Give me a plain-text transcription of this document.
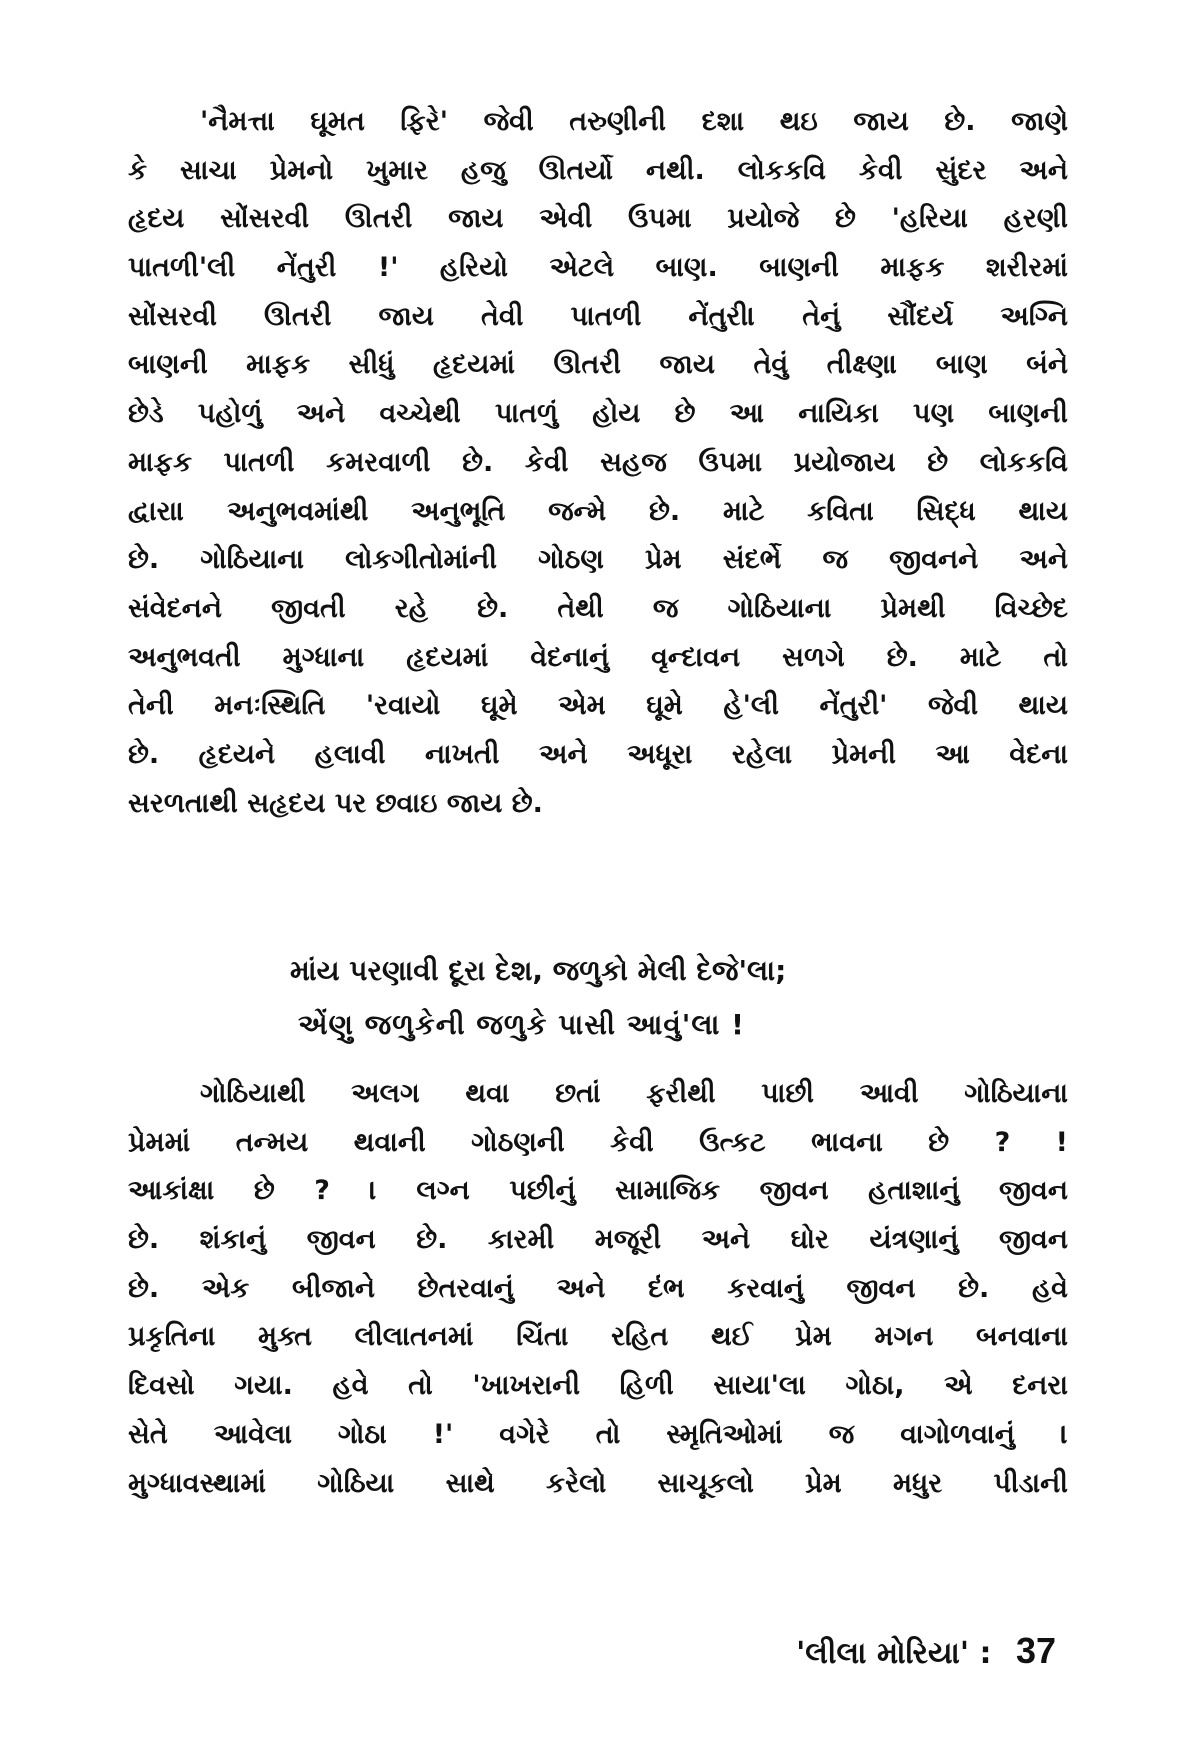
'નૈમત્તા ઘૂમત ફિરે' જેવી તરુણીની દશા થઇ જાય છે. જાણે
કે સાચા પ્રેમનો ખુમાર હજુ ઊતર્યો નથી. લોકકવિ કેવી સુંદર અને
હૃદય સોંસરવી ઊતરી જાય એવી ઉપમા પ્રયોજે છે 'હરિયા હરણી
પાતળી'લી નેંતુરી !' હરિયો એટલે બાણ. બાણની માફક શરીરમાં
સોંસરવી ઊતરી જાય તેવી પાતળી નેંતુરી। તેનું સૌંદર્ય અગ્નિ
બાણની માફક સીધું હૃદયમાં ઊતરી જાય તેવું તીક્ષ્ણ। બાણ બંને
છેડે પહોળું અને વચ્ચેથી પાતળું હોય છે આ નાયિકા પણ બાણની
માફક પાતળી કમરવાળી છે. કેવી સહજ ઉપમા પ્રયોજાય છે લોકકવિ
દ્વારા। અનુભવમાંથી અનુભૂતિ જન્મે છે. માટે કવિતા સિદ્ધ થાય
છે. ગોઠિયાના લોકગીતોમાંની ગોઠણ પ્રેમ સંદર્ભે જ જીવનને અને
સંવેદનને જીવતી રહે છે. તેથી જ ગોઠિયાના પ્રેમથી વિચ્છેદ
અનુભવતી મુગ્ધાના હૃદયમાં વેદનાનું વૃન્દાવન સળગે છે. માટે તો
તેની મનઃસ્થિતિ 'રવાયો ઘૂમે એમ ઘૂમે હે'લી નેંતુરી' જેવી થાય
છે. હૃદયને હલાવી નાખતી અને અધૂરા રહેલા પ્રેમની આ વેદના
સરળતાથી સહૃદય પર છવાઇ જાય છે.
માંય પરણાવી દૂરા દેશ, જળુકો મેલી દેજે'લા;
એંણુ જળુકેની જળુકે પાસી આવું'લા !
ગોઠિયાથી અલગ થવા છતાં ફરીથી પાછી આવી ગોઠિયાના
પ્રેમમાં તન્મય થવાની ગોઠણની કેવી ઉત્કટ ભાવના છે ? !
આકાંક્ષા છે ? । લગ્ન પછીનું સામાજિક જીવન હતાશાનું જીવન
છે. શંકાનું જીવન છે. કારમી મજૂરી અને ઘોર યંત્રણાનું જીવન
છે. એક બીજાને છેતરવાનું અને દંભ કરવાનું જીવન છે. હવે
પ્રકૃતિના મુક્ત લીલાતનમાં ચિંતા રહિત થઈ પ્રેમ મગન બનવાના
દિવસો ગયા. હવે તો 'ખાખરાની હિળી સાયા'લા ગોઠા, એ દનરા
સેતે આવેલા ગોઠા !' વગેરે તો સ્મૃતિઓમાં જ વાગોળવાનું ।
મુગ્ધાવસ્થામાં ગોઠિયા સાથે કરેલો સાચૂકલો પ્રેમ મધુર પીડાની
'લીલા મોરિયા' : 37
